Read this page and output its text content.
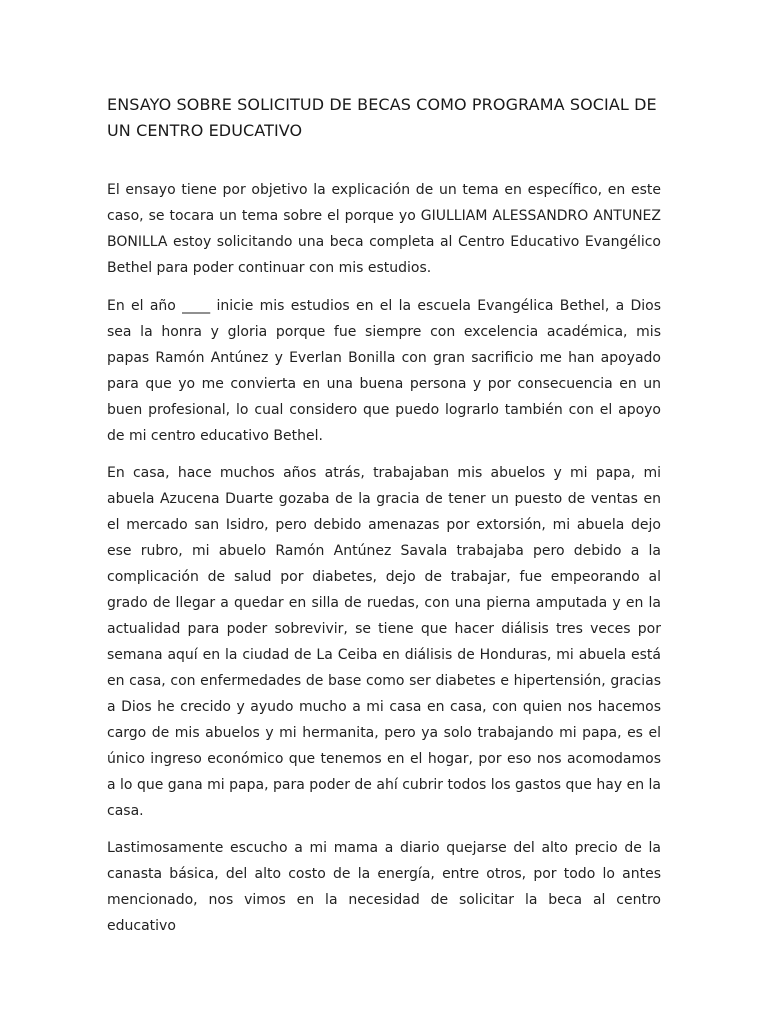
ENSAYO SOBRE SOLICITUD DE BECAS COMO PROGRAMA SOCIAL DE UN CENTRO EDUCATIVO

El ensayo tiene por objetivo la explicación de un tema en específico, en este caso, se tocara un tema sobre el porque yo GIULLIAM ALESSANDRO ANTUNEZ BONILLA estoy solicitando una beca completa al Centro Educativo Evangélico Bethel para poder continuar con mis estudios.

En el año ____ inicie mis estudios en el la escuela Evangélica Bethel, a Dios sea la honra y gloria porque fue siempre con excelencia académica, mis papas Ramón Antúnez y Everlan Bonilla con gran sacrificio me han apoyado para que yo me convierta en una buena persona y por consecuencia en un buen profesional, lo cual considero que puedo lograrlo también con el apoyo de mi centro educativo Bethel.

En casa, hace muchos años atrás, trabajaban mis abuelos y mi papa, mi abuela Azucena Duarte gozaba de la gracia de tener un puesto de ventas en el mercado san Isidro, pero debido amenazas por extorsión, mi abuela dejo ese rubro, mi abuelo Ramón Antúnez Savala trabajaba pero debido a la complicación de salud por diabetes, dejo de trabajar, fue empeorando al grado de llegar a quedar en silla de ruedas, con una pierna amputada y en la actualidad para poder sobrevivir, se tiene que hacer diálisis tres veces por semana aquí en la ciudad de La Ceiba en diálisis de Honduras, mi abuela está en casa, con enfermedades de base como ser diabetes e hipertensión, gracias a Dios he crecido y ayudo mucho a mi casa en casa, con quien nos hacemos cargo de mis abuelos y mi hermanita, pero ya solo trabajando mi papa, es el único ingreso económico que tenemos en el hogar, por eso nos acomodamos a lo que gana mi papa, para poder de ahí cubrir todos los gastos que hay en la casa.

Lastimosamente escucho a mi mama a diario quejarse del alto precio de la canasta básica, del alto costo de la energía, entre otros, por todo lo antes mencionado, nos vimos en la necesidad de solicitar la beca al centro educativo
